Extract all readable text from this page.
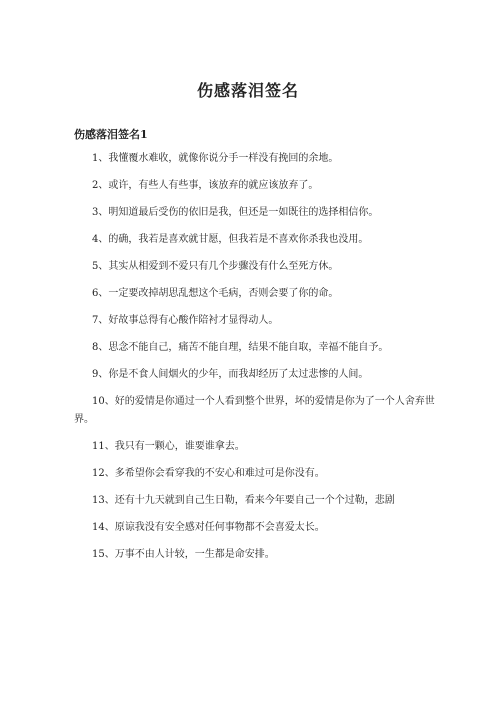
伤感落泪签名
伤感落泪签名1
1、我懂覆水难收，就像你说分手一样没有挽回的余地。
2、或许，有些人有些事，该放弃的就应该放弃了。
3、明知道最后受伤的依旧是我，但还是一如既往的选择相信你。
4、的确，我若是喜欢就甘愿，但我若是不喜欢你杀我也没用。
5、其实从相爱到不爱只有几个步骤没有什么至死方休。
6、一定要改掉胡思乱想这个毛病，否则会要了你的命。
7、好故事总得有心酸作陪衬才显得动人。
8、思念不能自己，痛苦不能自理，结果不能自取，幸福不能自予。
9、你是不食人间烟火的少年，而我却经历了太过悲惨的人间。
10、好的爱情是你通过一个人看到整个世界，坏的爱情是你为了一个人舍弃世界。
11、我只有一颗心，谁要谁拿去。
12、多希望你会看穿我的不安心和难过可是你没有。
13、还有十九天就到自己生日勒，看来今年要自己一个个过勒，悲剧
14、原谅我没有安全感对任何事物都不会喜爱太长。
15、万事不由人计较，一生都是命安排。
